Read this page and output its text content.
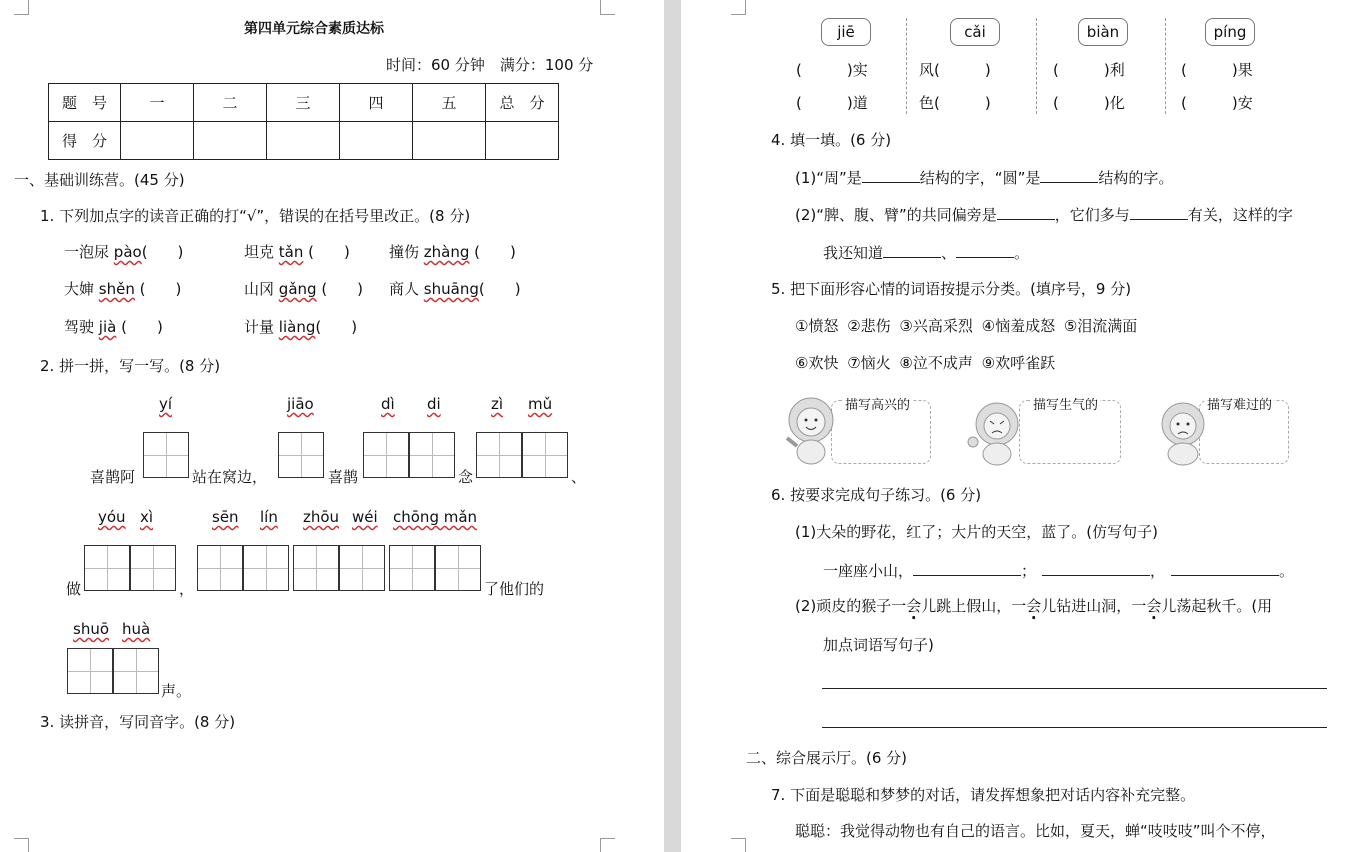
第四单元综合素质达标
时间：60 分钟　满分：100 分
题　号	一	二	三	四	五	总　分
得　分						
一、基础训练营。(45 分)
1. 下列加点字的读音正确的打“√”，错误的在括号里改正。(8 分)
一泡尿 pào(　　)	坦克 tǎn (　　)	撞伤 zhàng (　　)
大婶 shěn (　　)	山冈 gǎng (　　) 商人 shuāng(　　)
驾驶 jià (　　)	计量 liàng(　　)
2. 拼一拼，写一写。(8 分)
yí	jiāo	dì di	zì mǔ
喜鹊阿	站在窝边，	喜鹊	念	、
yóu xì	sēn lín zhōu wéi chōng mǎn
做	，	了他们的
shuō huà
声。
3. 读拼音，写同音字。(8 分)
jiē	cǎi	biàn	píng
(　　　)实	风(　　　)	(　　　)利	(　　　)果
(　　　)道	色(　　　)	(　　　)化	(　　　)安
4. 填一填。(6 分)
(1)“周”是	结构的字，“圆”是	结构的字。
(2)“脾、腹、臂”的共同偏旁是	，它们多与	有关，这样的字
我还知道	、	。
5. 把下面形容心情的词语按提示分类。(填序号，9 分)
①愤怒 ②悲伤 ③兴高采烈 ④恼羞成怒 ⑤泪流满面
⑥欢快 ⑦恼火 ⑧泣不成声 ⑨欢呼雀跃
描写高兴的	描写生气的	描写难过的
6. 按要求完成句子练习。(6 分)
(1)大朵的野花，红了；大片的天空，蓝了。(仿写句子)
一座座小山，	；	，	。
(2)顽皮的猴子一会儿跳上假山，一会儿钻进山洞，一会儿荡起秋千。(用
加点词语写句子)
二、综合展示厅。(6 分)
7. 下面是聪聪和梦梦的对话，请发挥想象把对话内容补充完整。
聪聪：我觉得动物也有自己的语言。比如，夏天，蝉“吱吱吱”叫个不停，
